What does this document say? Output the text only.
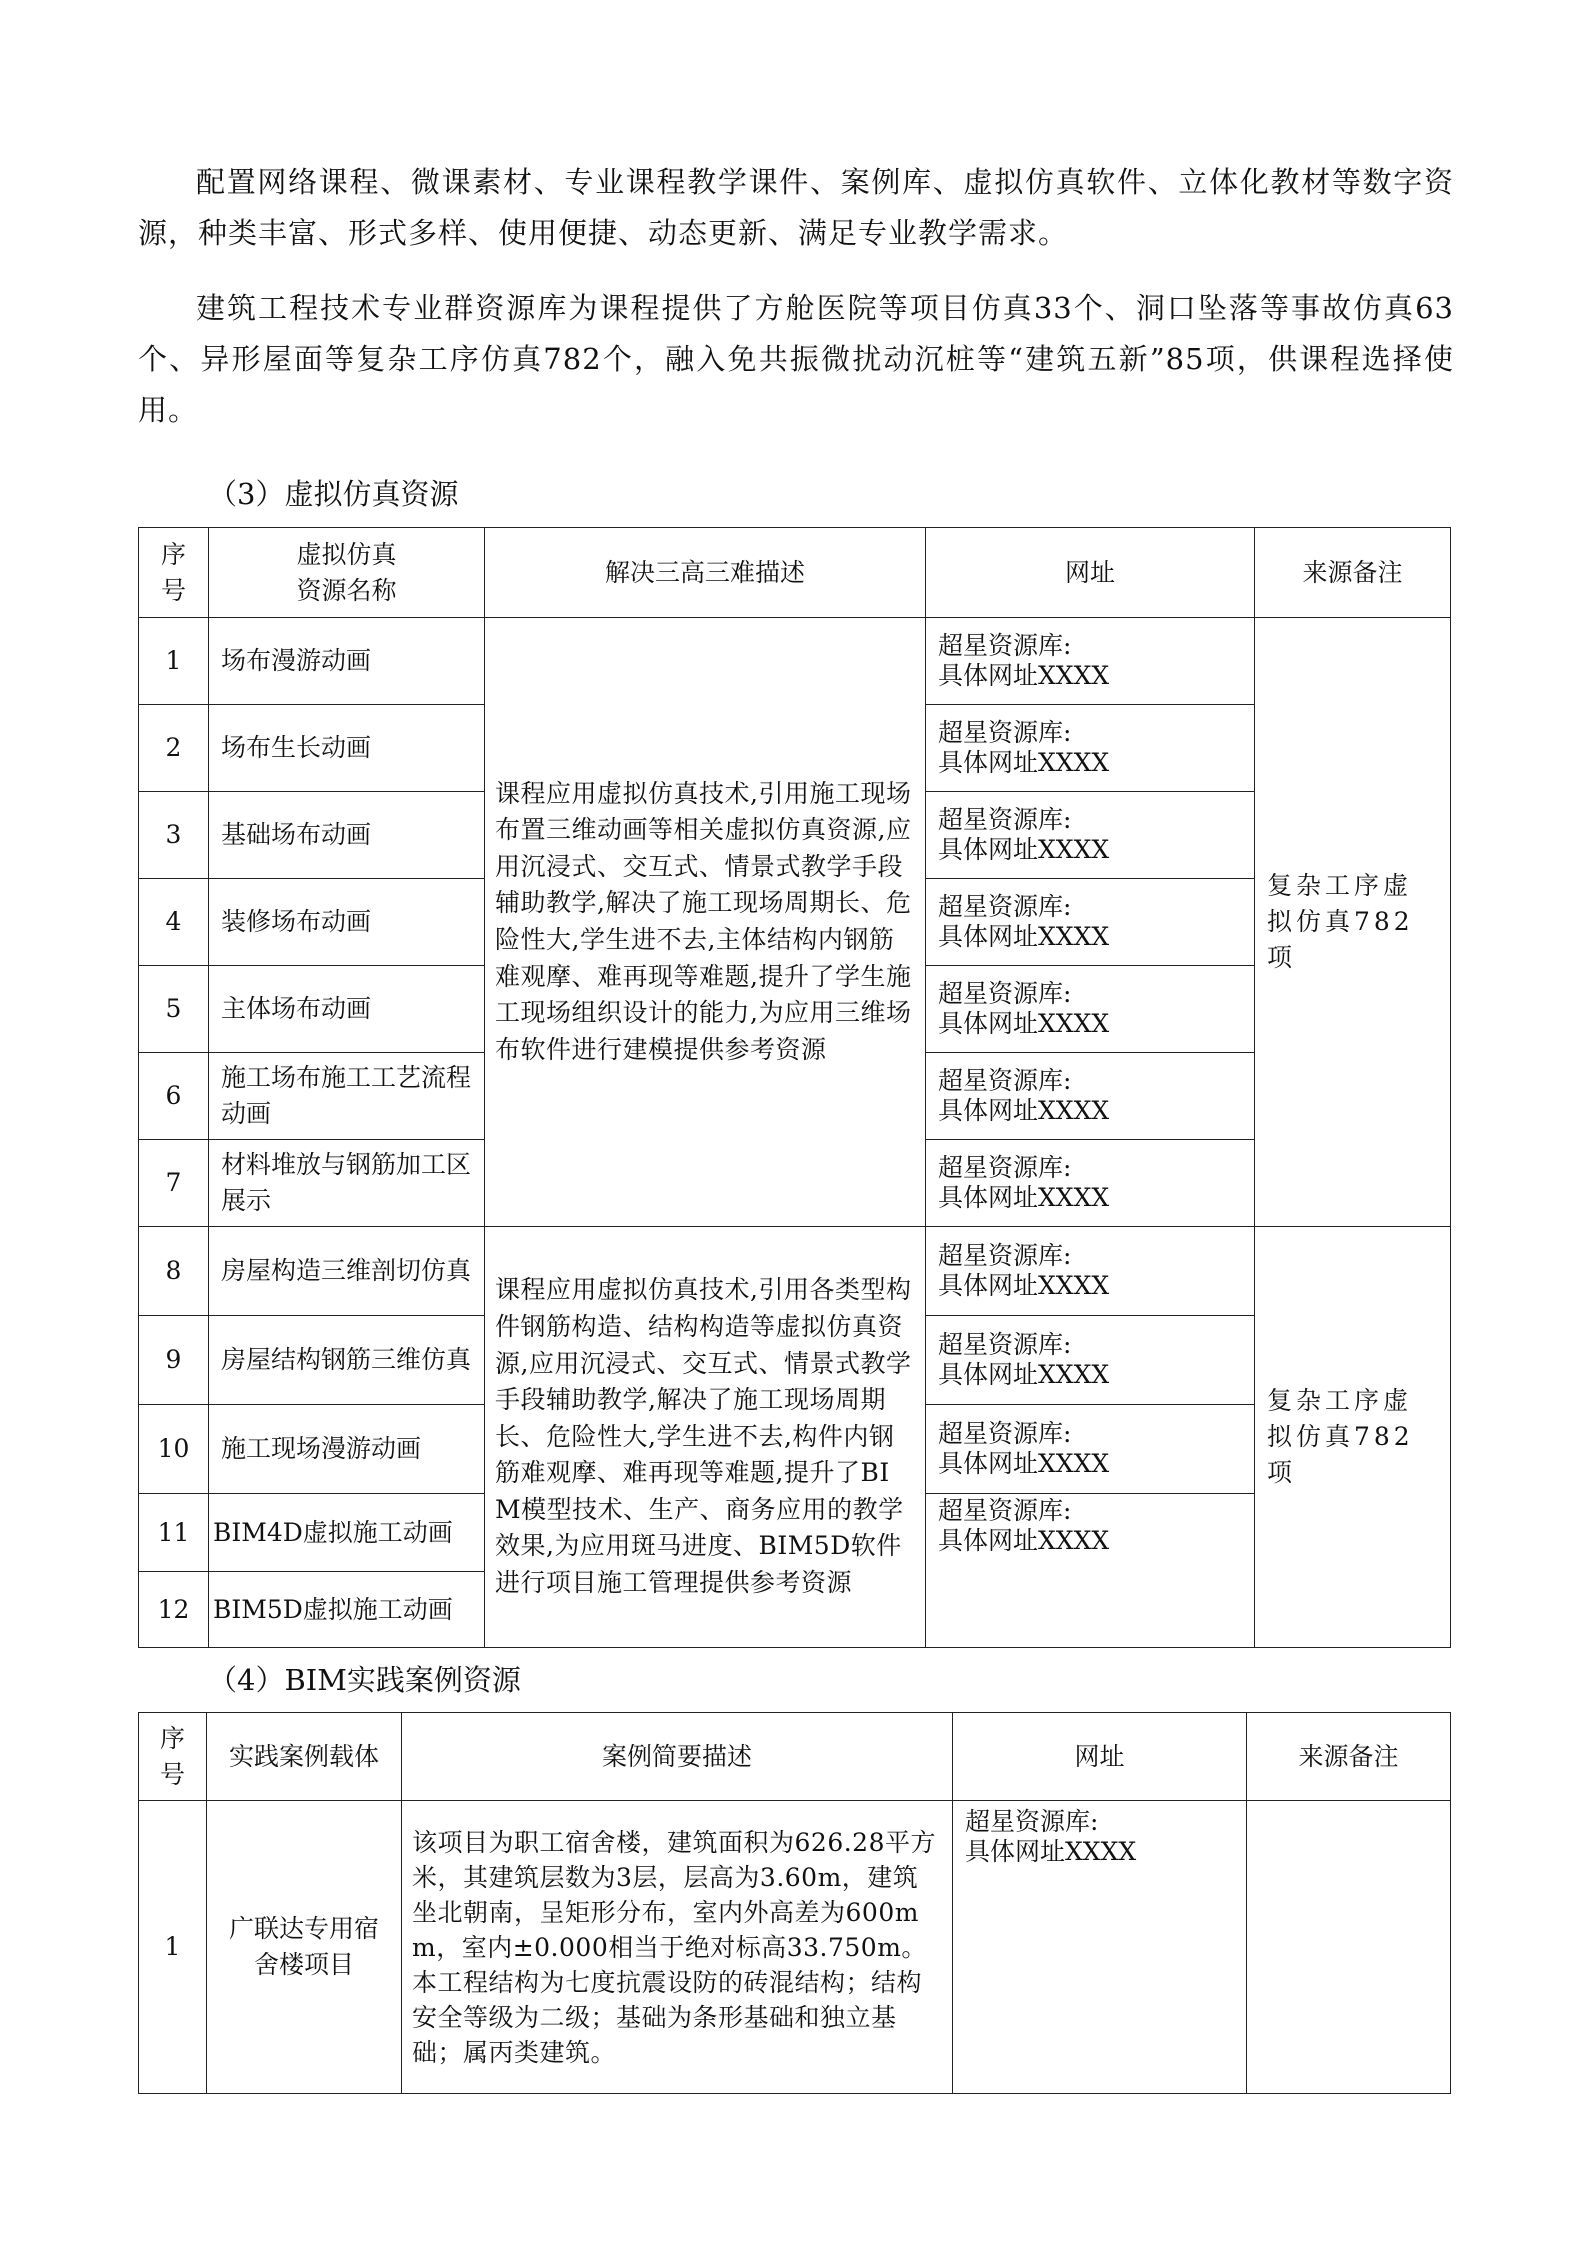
配置网络课程、微课素材、专业课程教学课件、案例库、虚拟仿真软件、立体化教材等数字资源，种类丰富、形式多样、使用便捷、动态更新、满足专业教学需求。

建筑工程技术专业群资源库为课程提供了方舱医院等项目仿真33个、洞口坠落等事故仿真63个、异形屋面等复杂工序仿真782个，融入免共振微扰动沉桩等“建筑五新”85项，供课程选择使用。

（3）虚拟仿真资源

序
号	虚拟仿真
资源名称	解决三高三难描述	网址	来源备注
1	场布漫游动画	课程应用虚拟仿真技术,引用施工现场布置三维动画等相关虚拟仿真资源,应用沉浸式、交互式、情景式教学手段辅助教学,解决了施工现场周期长、危险性大,学生进不去,主体结构内钢筋难观摩、难再现等难题,提升了学生施工现场组织设计的能力,为应用三维场布软件进行建模提供参考资源	超星资源库:
具体网址XXXX	复杂工序虚拟仿真782项
2	场布生长动画		超星资源库:
具体网址XXXX	
3	基础场布动画		超星资源库:
具体网址XXXX	
4	装修场布动画		超星资源库:
具体网址XXXX	
5	主体场布动画		超星资源库:
具体网址XXXX	
6	施工场布施工工艺流程动画		超星资源库:
具体网址XXXX	
7	材料堆放与钢筋加工区展示		超星资源库:
具体网址XXXX	
8	房屋构造三维剖切仿真	课程应用虚拟仿真技术,引用各类型构件钢筋构造、结构构造等虚拟仿真资源,应用沉浸式、交互式、情景式教学手段辅助教学,解决了施工现场周期长、危险性大,学生进不去,构件内钢筋难观摩、难再现等难题,提升了BIM模型技术、生产、商务应用的教学效果,为应用斑马进度、BIM5D软件进行项目施工管理提供参考资源	超星资源库:
具体网址XXXX	复杂工序虚拟仿真782项
9	房屋结构钢筋三维仿真		超星资源库:
具体网址XXXX	
10	施工现场漫游动画		超星资源库:
具体网址XXXX	
11	BIM4D虚拟施工动画		超星资源库:
具体网址XXXX	
12	BIM5D虚拟施工动画			

（4）BIM实践案例资源

序
号	实践案例载体	案例简要描述	网址	来源备注
1	广联达专用宿舍楼项目	该项目为职工宿舍楼，建筑面积为626.28平方米，其建筑层数为3层，层高为3.60m，建筑坐北朝南，呈矩形分布，室内外高差为600mm，室内±0.000相当于绝对标高33.750m。本工程结构为七度抗震设防的砖混结构；结构安全等级为二级；基础为条形基础和独立基础；属丙类建筑。	超星资源库:
具体网址XXXX	
